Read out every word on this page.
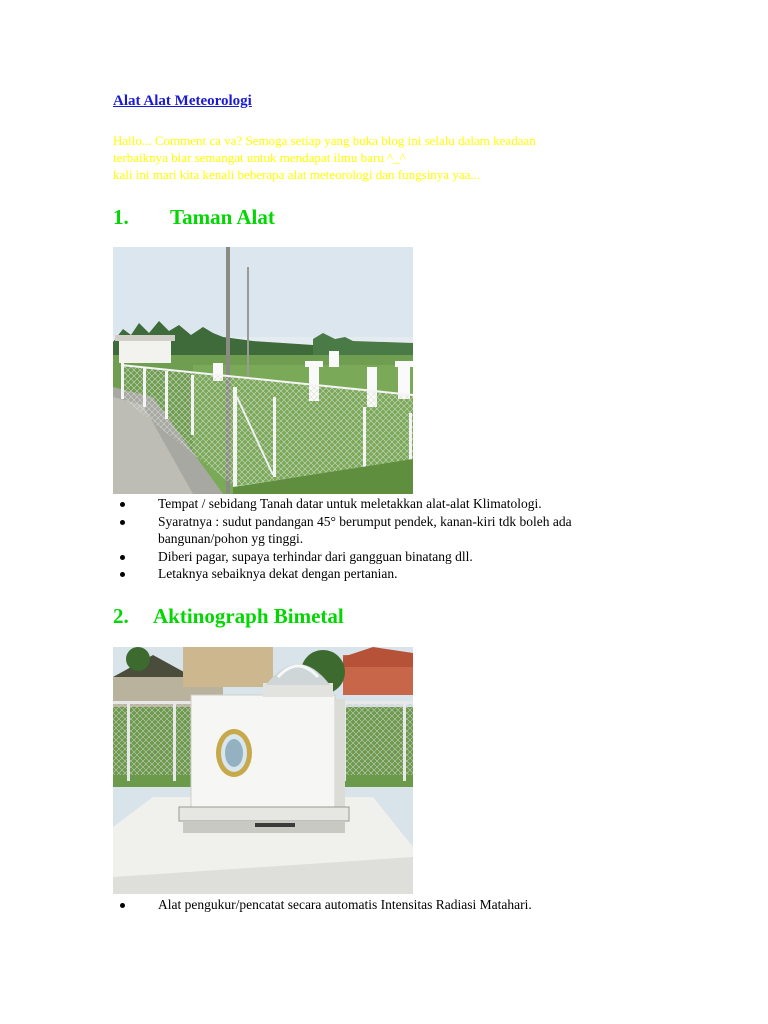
Alat Alat Meteorologi
Hallo... Comment ca va? Semoga setiap yang buka blog ini selalu dalam keadaan
terbaiknya biar semangat untuk mendapat ilmu baru ^_^
kali ini mari kita kenali beberapa alat meteorologi dan fungsinya yaa...
1. Taman Alat
Tempat / sebidang Tanah datar untuk meletakkan alat-alat Klimatologi.
Syaratnya : sudut pandangan 45° berumput pendek, kanan-kiri tdk boleh ada
bangunan/pohon yg tinggi.
Diberi pagar, supaya terhindar dari gangguan binatang dll.
Letaknya sebaiknya dekat dengan pertanian.
2. Aktinograph Bimetal
Alat pengukur/pencatat secara automatis Intensitas Radiasi Matahari.
